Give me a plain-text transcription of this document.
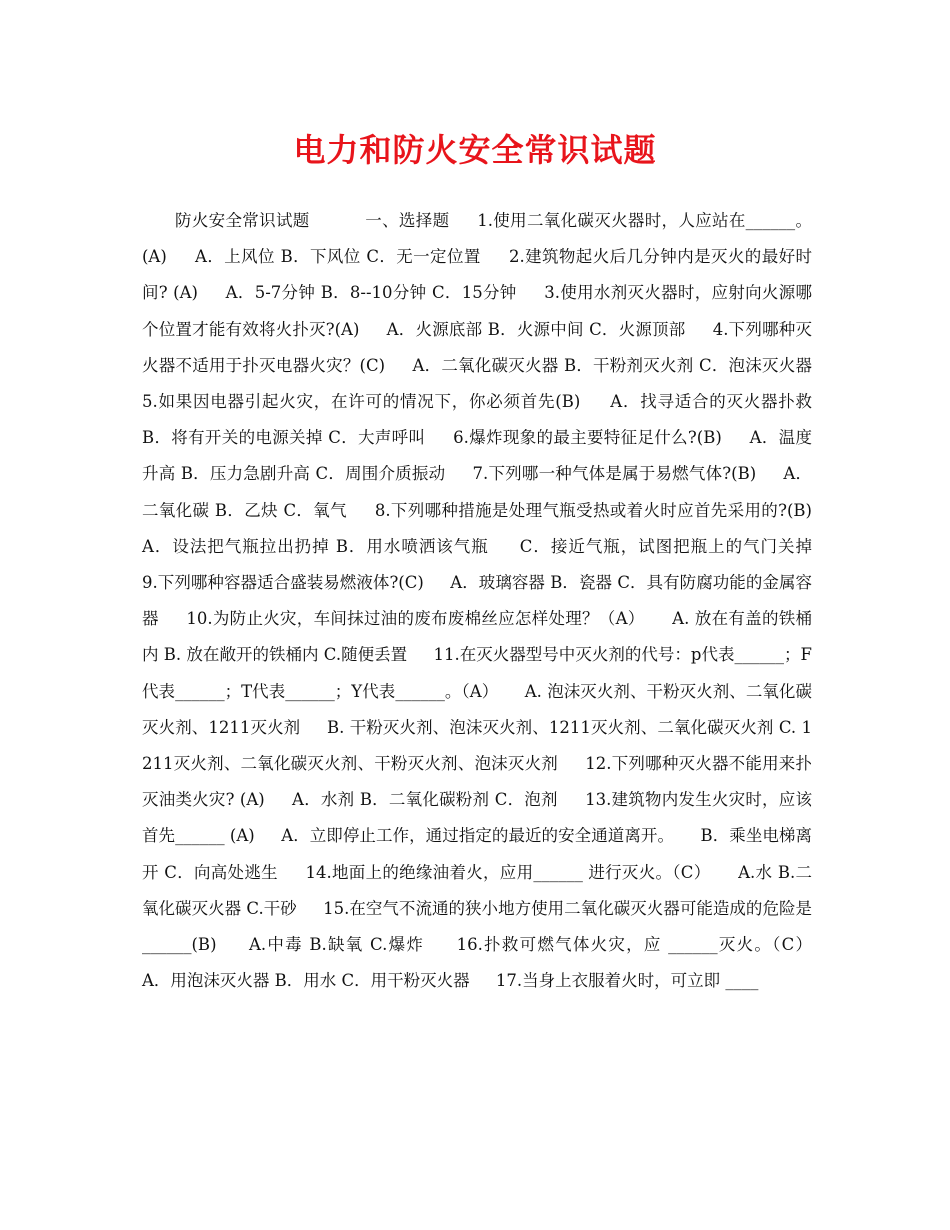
电力和防火安全常识试题

防火安全常识试题          一、选择题     1.使用二氧化碳灭火器时，人应站在______。(A)     A．上风位 B．下风位 C．无一定位置     2.建筑物起火后几分钟内是灭火的最好时间? (A)     A．5-7分钟 B．8--10分钟 C．15分钟     3.使用水剂灭火器时，应射向火源哪个位置才能有效将火扑灭?(A)     A．火源底部 B．火源中间 C．火源顶部     4.下列哪种灭火器不适用于扑灭电器火灾？(C)     A．二氧化碳灭火器 B．干粉剂灭火剂 C．泡沫灭火器     5.如果因电器引起火灾，在许可的情况下，你必须首先(B)     A．找寻适合的灭火器扑救 B．将有开关的电源关掉 C．大声呼叫     6.爆炸现象的最主要特征足什么?(B)     A．温度升高 B．压力急剧升高 C．周围介质振动     7.下列哪一种气体是属于易燃气体?(B)     A．二氧化碳 B．乙炔 C．氧气     8.下列哪种措施是处理气瓶受热或着火时应首先采用的?(B)     A．设法把气瓶拉出扔掉 B．用水喷洒该气瓶     C．接近气瓶，试图把瓶上的气门关掉     9.下列哪种容器适合盛装易燃液体?(C)     A．玻璃容器 B．瓷器 C．具有防腐功能的金属容器     10.为防止火灾，车间抹过油的废布废棉丝应怎样处理？（A）     A. 放在有盖的铁桶内 B. 放在敞开的铁桶内 C.随便丢置     11.在灭火器型号中灭火剂的代号：p代表______；F代表______；T代表______；Y代表______。（A）     A. 泡沫灭火剂、干粉灭火剂、二氧化碳灭火剂、1211灭火剂     B. 干粉灭火剂、泡沫灭火剂、1211灭火剂、二氧化碳灭火剂 C. 1211灭火剂、二氧化碳灭火剂、干粉灭火剂、泡沫灭火剂     12.下列哪种灭火器不能用来扑灭油类火灾? (A)     A．水剂 B．二氧化碳粉剂 C．泡剂     13.建筑物内发生火灾时，应该首先______ (A)     A．立即停止工作，通过指定的最近的安全通道离开。     B．乘坐电梯离开 C．向高处逃生     14.地面上的绝缘油着火，应用______ 进行灭火。（C）     A.水 B.二氧化碳灭火器 C.干砂     15.在空气不流通的狭小地方使用二氧化碳灭火器可能造成的危险是______(B)     A.中毒 B.缺氧 C.爆炸     16.扑救可燃气体火灾，应 ______灭火。（C）     A．用泡沫灭火器 B．用水 C．用干粉灭火器     17.当身上衣服着火时，可立即 ____
